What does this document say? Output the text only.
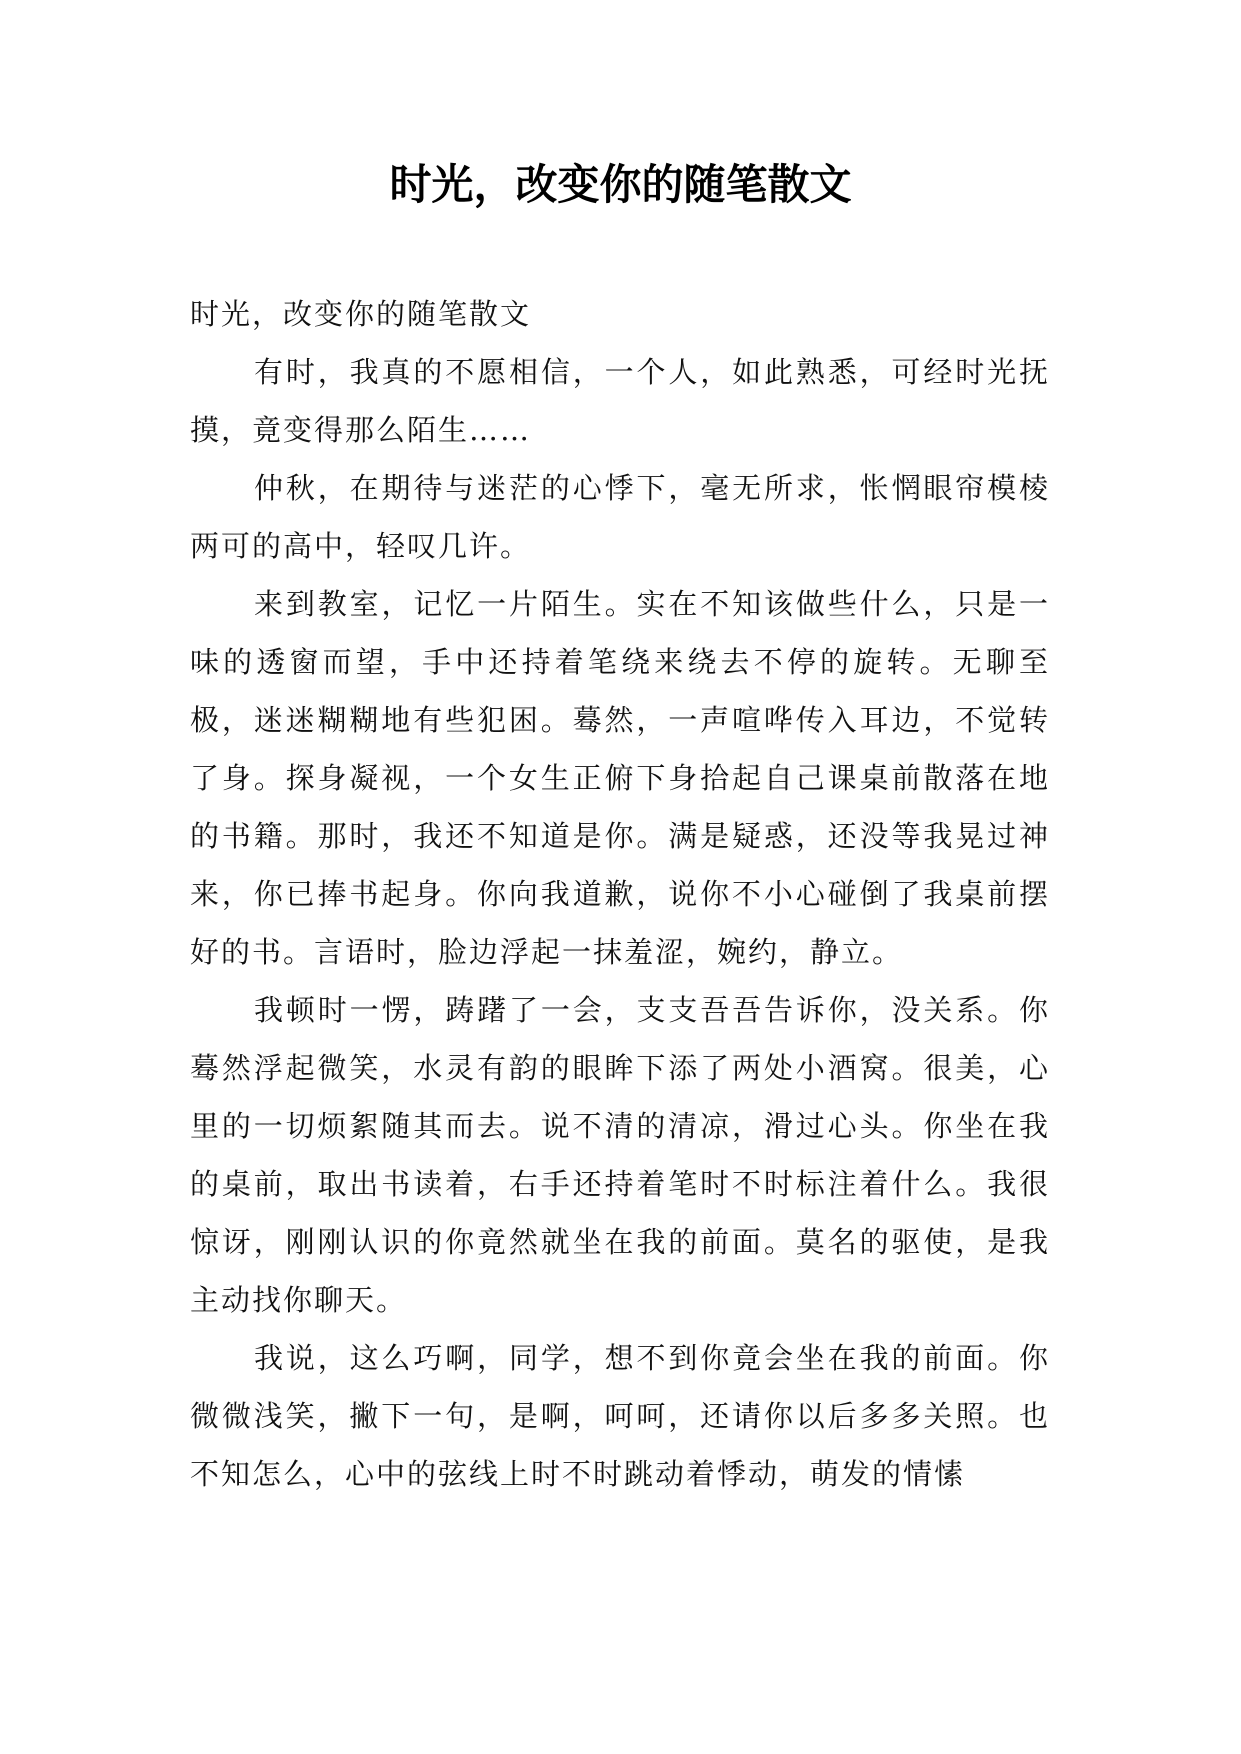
时光，改变你的随笔散文

时光，改变你的随笔散文

有时，我真的不愿相信，一个人，如此熟悉，可经时光抚摸，竟变得那么陌生……

仲秋，在期待与迷茫的心悸下，毫无所求，怅惘眼帘模棱两可的高中，轻叹几许。

来到教室，记忆一片陌生。实在不知该做些什么，只是一味的透窗而望，手中还持着笔绕来绕去不停的旋转。无聊至极，迷迷糊糊地有些犯困。蓦然，一声喧哗传入耳边，不觉转了身。探身凝视，一个女生正俯下身拾起自己课桌前散落在地的书籍。那时，我还不知道是你。满是疑惑，还没等我晃过神来，你已捧书起身。你向我道歉，说你不小心碰倒了我桌前摆好的书。言语时，脸边浮起一抹羞涩，婉约，静立。

我顿时一愣，踌躇了一会，支支吾吾告诉你，没关系。你蓦然浮起微笑，水灵有韵的眼眸下添了两处小酒窝。很美，心里的一切烦絮随其而去。说不清的清凉，滑过心头。你坐在我的桌前，取出书读着，右手还持着笔时不时标注着什么。我很惊讶，刚刚认识的你竟然就坐在我的前面。莫名的驱使，是我主动找你聊天。

我说，这么巧啊，同学，想不到你竟会坐在我的前面。你微微浅笑，撇下一句，是啊，呵呵，还请你以后多多关照。也不知怎么，心中的弦线上时不时跳动着悸动，萌发的情愫
